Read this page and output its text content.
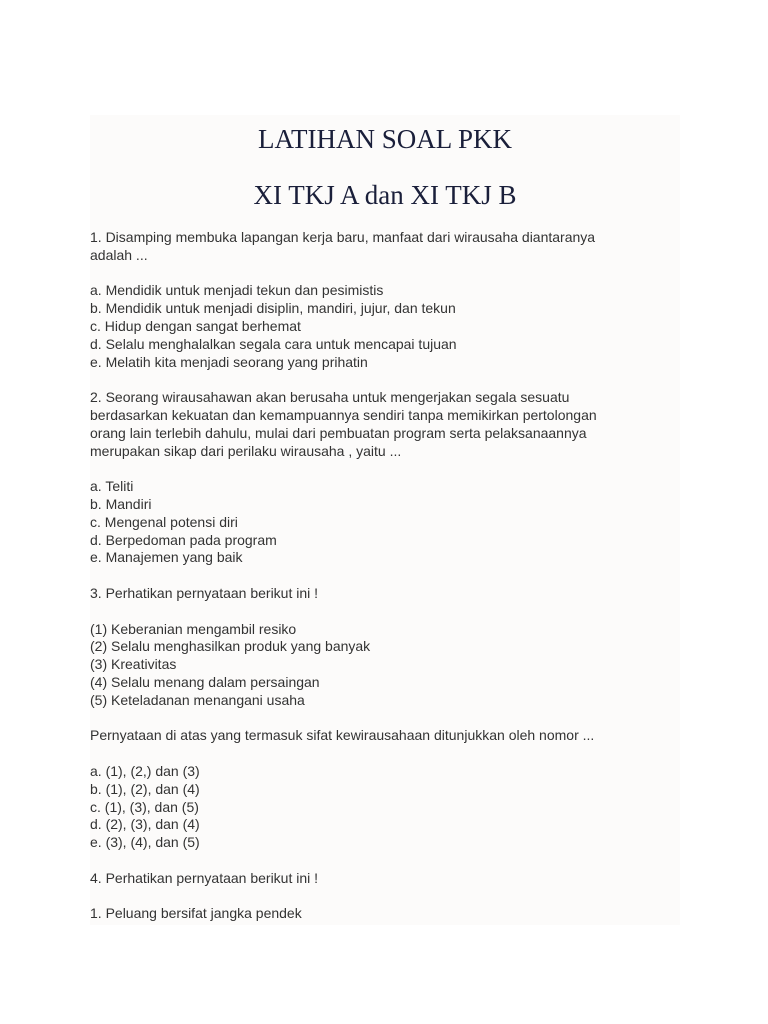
LATIHAN SOAL PKK
XI TKJ A dan XI TKJ B
1. Disamping membuka lapangan kerja baru, manfaat dari wirausaha diantaranya
adalah ...
a. Mendidik untuk menjadi tekun dan pesimistis
b. Mendidik untuk menjadi disiplin, mandiri, jujur, dan tekun
c. Hidup dengan sangat berhemat
d. Selalu menghalalkan segala cara untuk mencapai tujuan
e. Melatih kita menjadi seorang yang prihatin
2. Seorang wirausahawan akan berusaha untuk mengerjakan segala sesuatu
berdasarkan kekuatan dan kemampuannya sendiri tanpa memikirkan pertolongan
orang lain terlebih dahulu, mulai dari pembuatan program serta pelaksanaannya
merupakan sikap dari perilaku wirausaha , yaitu ...
a. Teliti
b. Mandiri
c. Mengenal potensi diri
d. Berpedoman pada program
e. Manajemen yang baik
3. Perhatikan pernyataan berikut ini !
(1) Keberanian mengambil resiko
(2) Selalu menghasilkan produk yang banyak
(3) Kreativitas
(4) Selalu menang dalam persaingan
(5) Keteladanan menangani usaha
Pernyataan di atas yang termasuk sifat kewirausahaan ditunjukkan oleh nomor ...
a. (1), (2,) dan (3)
b. (1), (2), dan (4)
c. (1), (3), dan (5)
d. (2), (3), dan (4)
e. (3), (4), dan (5)
4. Perhatikan pernyataan berikut ini !
1. Peluang bersifat jangka pendek
